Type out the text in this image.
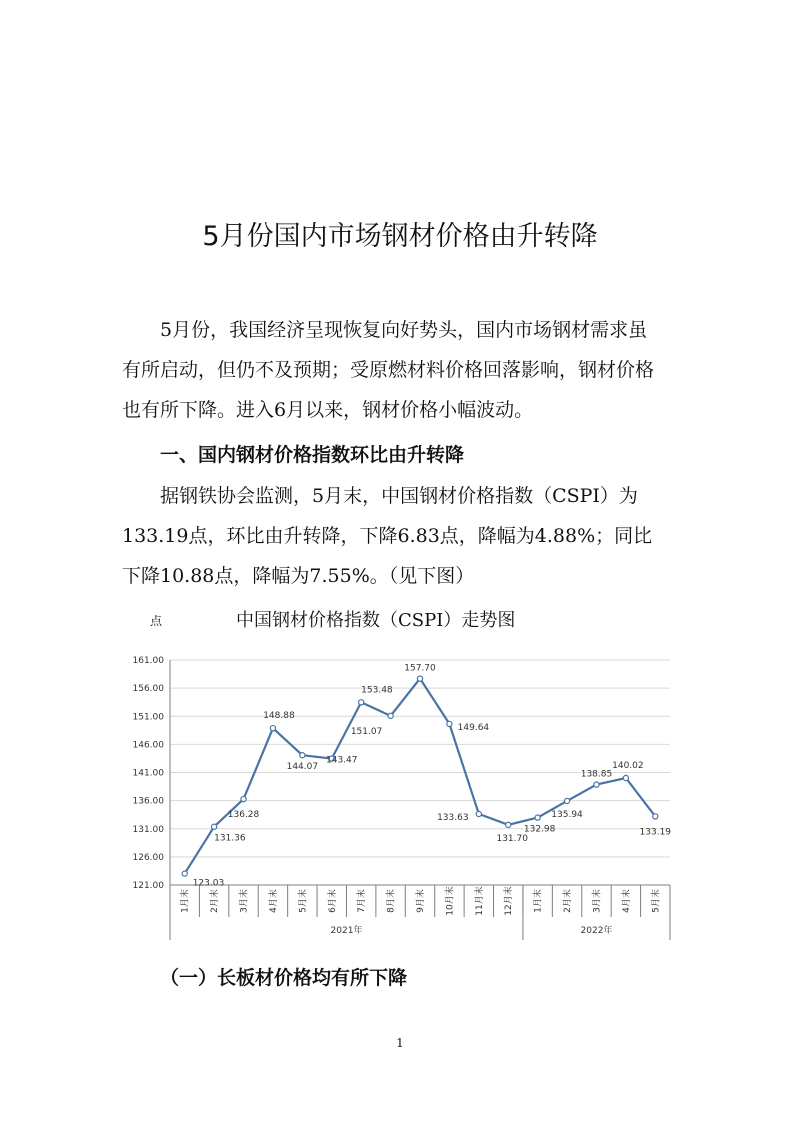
5月份国内市场钢材价格由升转降

5月份，我国经济呈现恢复向好势头，国内市场钢材需求虽
有所启动，但仍不及预期；受原燃材料价格回落影响，钢材价格
也有所下降。进入6月以来，钢材价格小幅波动。

一、国内钢材价格指数环比由升转降

据钢铁协会监测，5月末，中国钢材价格指数（CSPI）为
133.19点，环比由升转降，下降6.83点，降幅为4.88%；同比
下降10.88点，降幅为7.55%。（见下图）

点	中国钢材价格指数（CSPI）走势图
161.00
156.00
151.00
146.00
141.00
136.00
131.00
126.00
121.00
1月末 2月末 3月末 4月末 5月末 6月末 7月末 8月末 9月末 10月末 11月末 12月末 1月末 2月末 3月末 4月末 5月末
2021年	2022年
123.03
131.36
136.28
148.88
144.07
143.47
153.48
151.07
157.70
149.64
133.63
131.70
132.98
135.94
138.85
140.02
133.19
（一）长板材价格均有所下降
1
